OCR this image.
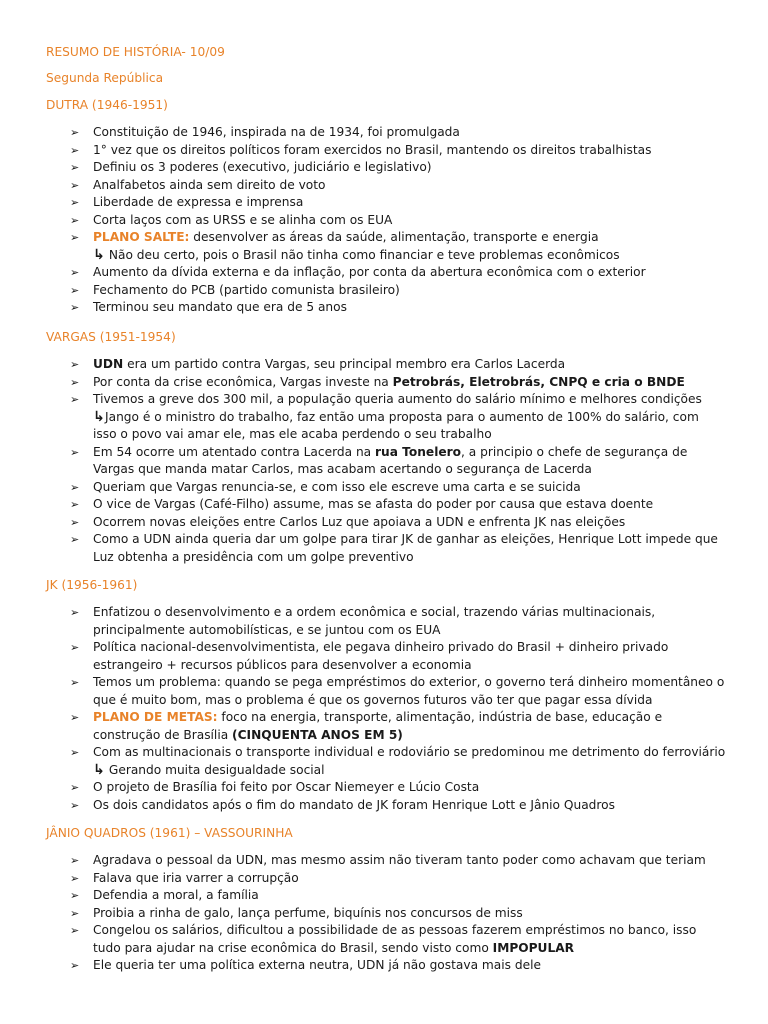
RESUMO DE HISTÓRIA- 10/09
Segunda República
DUTRA (1946-1951)
➢ Constituição de 1946, inspirada na de 1934, foi promulgada
➢ 1° vez que os direitos políticos foram exercidos no Brasil, mantendo os direitos trabalhistas
➢ Definiu os 3 poderes (executivo, judiciário e legislativo)
➢ Analfabetos ainda sem direito de voto
➢ Liberdade de expressa e imprensa
➢ Corta laços com as URSS e se alinha com os EUA
➢ PLANO SALTE: desenvolver as áreas da saúde, alimentação, transporte e energia
↳ Não deu certo, pois o Brasil não tinha como financiar e teve problemas econômicos
➢ Aumento da dívida externa e da inflação, por conta da abertura econômica com o exterior
➢ Fechamento do PCB (partido comunista brasileiro)
➢ Terminou seu mandato que era de 5 anos
VARGAS (1951-1954)
➢ UDN era um partido contra Vargas, seu principal membro era Carlos Lacerda
➢ Por conta da crise econômica, Vargas investe na Petrobrás, Eletrobrás, CNPQ e cria o BNDE
➢ Tivemos a greve dos 300 mil, a população queria aumento do salário mínimo e melhores condições
↳Jango é o ministro do trabalho, faz então uma proposta para o aumento de 100% do salário, com isso o povo vai amar ele, mas ele acaba perdendo o seu trabalho
➢ Em 54 ocorre um atentado contra Lacerda na rua Tonelero, a principio o chefe de segurança de Vargas que manda matar Carlos, mas acabam acertando o segurança de Lacerda
➢ Queriam que Vargas renuncia-se, e com isso ele escreve uma carta e se suicida
➢ O vice de Vargas (Café-Filho) assume, mas se afasta do poder por causa que estava doente
➢ Ocorrem novas eleições entre Carlos Luz que apoiava a UDN e enfrenta JK nas eleições
➢ Como a UDN ainda queria dar um golpe para tirar JK de ganhar as eleições, Henrique Lott impede que Luz obtenha a presidência com um golpe preventivo
JK (1956-1961)
➢ Enfatizou o desenvolvimento e a ordem econômica e social, trazendo várias multinacionais, principalmente automobilísticas, e se juntou com os EUA
➢ Política nacional-desenvolvimentista, ele pegava dinheiro privado do Brasil + dinheiro privado estrangeiro + recursos públicos para desenvolver a economia
➢ Temos um problema: quando se pega empréstimos do exterior, o governo terá dinheiro momentâneo o que é muito bom, mas o problema é que os governos futuros vão ter que pagar essa dívida
➢ PLANO DE METAS: foco na energia, transporte, alimentação, indústria de base, educação e construção de Brasília (CINQUENTA ANOS EM 5)
➢ Com as multinacionais o transporte individual e rodoviário se predominou me detrimento do ferroviário
↳ Gerando muita desigualdade social
➢ O projeto de Brasília foi feito por Oscar Niemeyer e Lúcio Costa
➢ Os dois candidatos após o fim do mandato de JK foram Henrique Lott e Jânio Quadros
JÂNIO QUADROS (1961) – VASSOURINHA
➢ Agradava o pessoal da UDN, mas mesmo assim não tiveram tanto poder como achavam que teriam
➢ Falava que iria varrer a corrupção
➢ Defendia a moral, a família
➢ Proibia a rinha de galo, lança perfume, biquínis nos concursos de miss
➢ Congelou os salários, dificultou a possibilidade de as pessoas fazerem empréstimos no banco, isso tudo para ajudar na crise econômica do Brasil, sendo visto como IMPOPULAR
➢ Ele queria ter uma política externa neutra, UDN já não gostava mais dele
